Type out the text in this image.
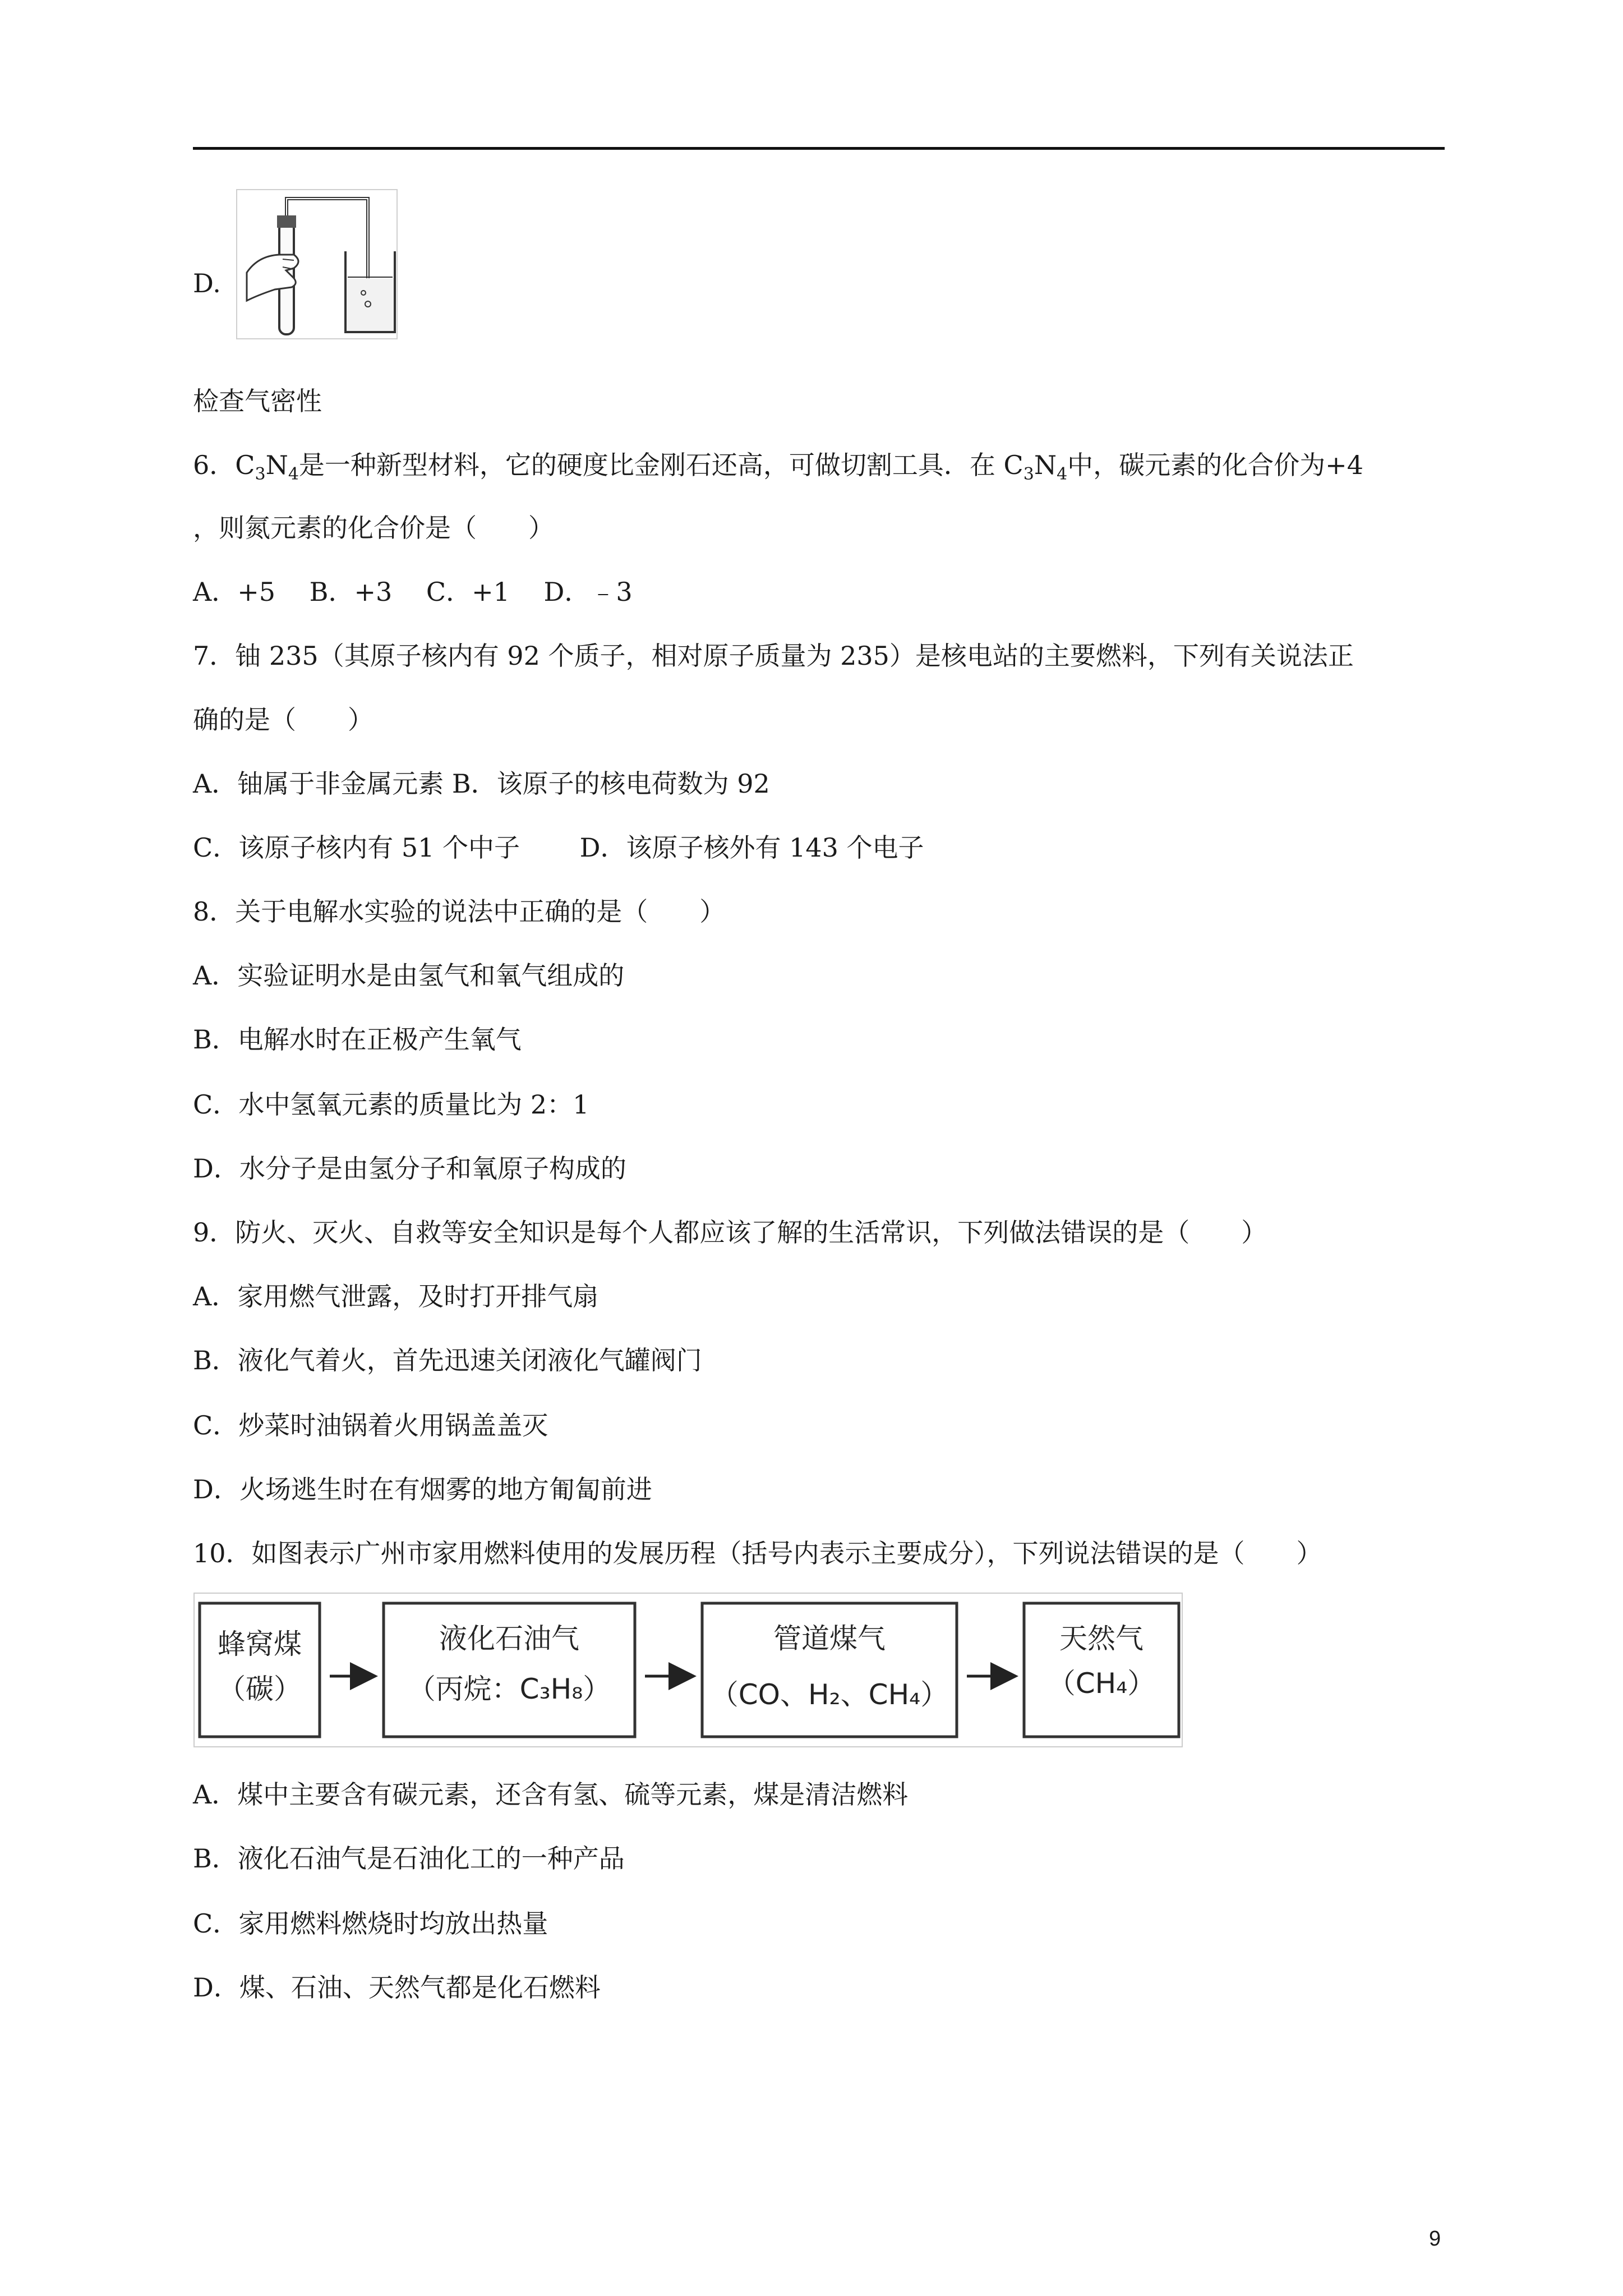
D.
检查气密性
6．$C_3N_4$是一种新型材料，它的硬度比金刚石还高，可做切割工具．在 $C_3N_4$中，碳元素的化合价为+4
，则氮元素的化合价是（　　）
A．+5　 B．+3　 C．+1　 D．﹣3
7．铀 235（其原子核内有 92 个质子，相对原子质量为 235）是核电站的主要燃料，下列有关说法正
确的是（　　）
A．铀属于非金属元素 B．该原子的核电荷数为 92
C．该原子核内有 51 个中子　　 D．该原子核外有 143 个电子
8．关于电解水实验的说法中正确的是（　　）
A．实验证明水是由氢气和氧气组成的
B．电解水时在正极产生氧气
C．水中氢氧元素的质量比为 2：1
D．水分子是由氢分子和氧原子构成的
9．防火、灭火、自救等安全知识是每个人都应该了解的生活常识，下列做法错误的是（　　）
A．家用燃气泄露，及时打开排气扇
B．液化气着火，首先迅速关闭液化气罐阀门
C．炒菜时油锅着火用锅盖盖灭
D．火场逃生时在有烟雾的地方匍匐前进
10．如图表示广州市家用燃料使用的发展历程（括号内表示主要成分），下列说法错误的是（　　）
蜂窝煤
（碳）
液化石油气
（丙烷：C₃H₈）
管道煤气
（CO、H₂、CH₄）
天然气
（CH₄）
A．煤中主要含有碳元素，还含有氢、硫等元素，煤是清洁燃料
B．液化石油气是石油化工的一种产品
C．家用燃料燃烧时均放出热量
D．煤、石油、天然气都是化石燃料
9
